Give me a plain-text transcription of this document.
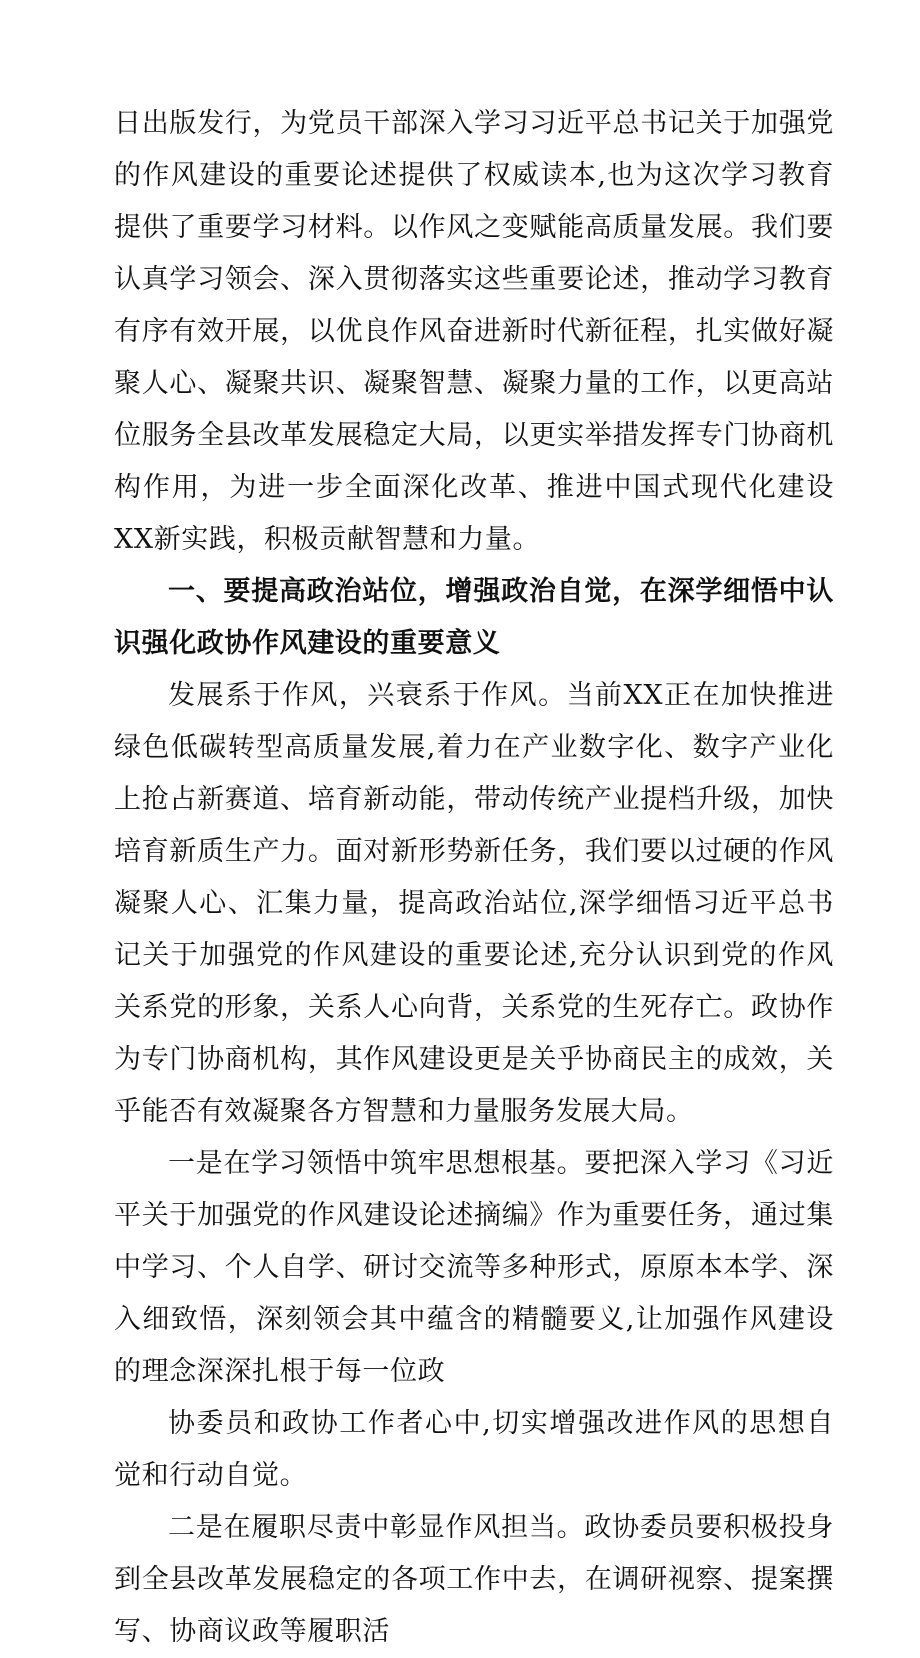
日出版发行，为党员干部深入学习习近平总书记关于加强党的作风建设的重要论述提供了权威读本,也为这次学习教育提供了重要学习材料。以作风之变赋能高质量发展。我们要认真学习领会、深入贯彻落实这些重要论述，推动学习教育有序有效开展，以优良作风奋进新时代新征程，扎实做好凝聚人心、凝聚共识、凝聚智慧、凝聚力量的工作，以更高站位服务全县改革发展稳定大局，以更实举措发挥专门协商机构作用，为进一步全面深化改革、推进中国式现代化建设XX新实践，积极贡献智慧和力量。

一、要提高政治站位，增强政治自觉，在深学细悟中认识强化政协作风建设的重要意义

发展系于作风，兴衰系于作风。当前XX正在加快推进绿色低碳转型高质量发展,着力在产业数字化、数字产业化上抢占新赛道、培育新动能，带动传统产业提档升级，加快培育新质生产力。面对新形势新任务，我们要以过硬的作风凝聚人心、汇集力量，提高政治站位,深学细悟习近平总书记关于加强党的作风建设的重要论述,充分认识到党的作风关系党的形象，关系人心向背，关系党的生死存亡。政协作为专门协商机构，其作风建设更是关乎协商民主的成效，关乎能否有效凝聚各方智慧和力量服务发展大局。

一是在学习领悟中筑牢思想根基。要把深入学习《习近平关于加强党的作风建设论述摘编》作为重要任务，通过集中学习、个人自学、研讨交流等多种形式，原原本本学、深入细致悟，深刻领会其中蕴含的精髓要义,让加强作风建设的理念深深扎根于每一位政
协委员和政协工作者心中,切实增强改进作风的思想自觉和行动自觉。

二是在履职尽责中彰显作风担当。政协委员要积极投身到全县改革发展稳定的各项工作中去，在调研视察、提案撰写、协商议政等履职活
